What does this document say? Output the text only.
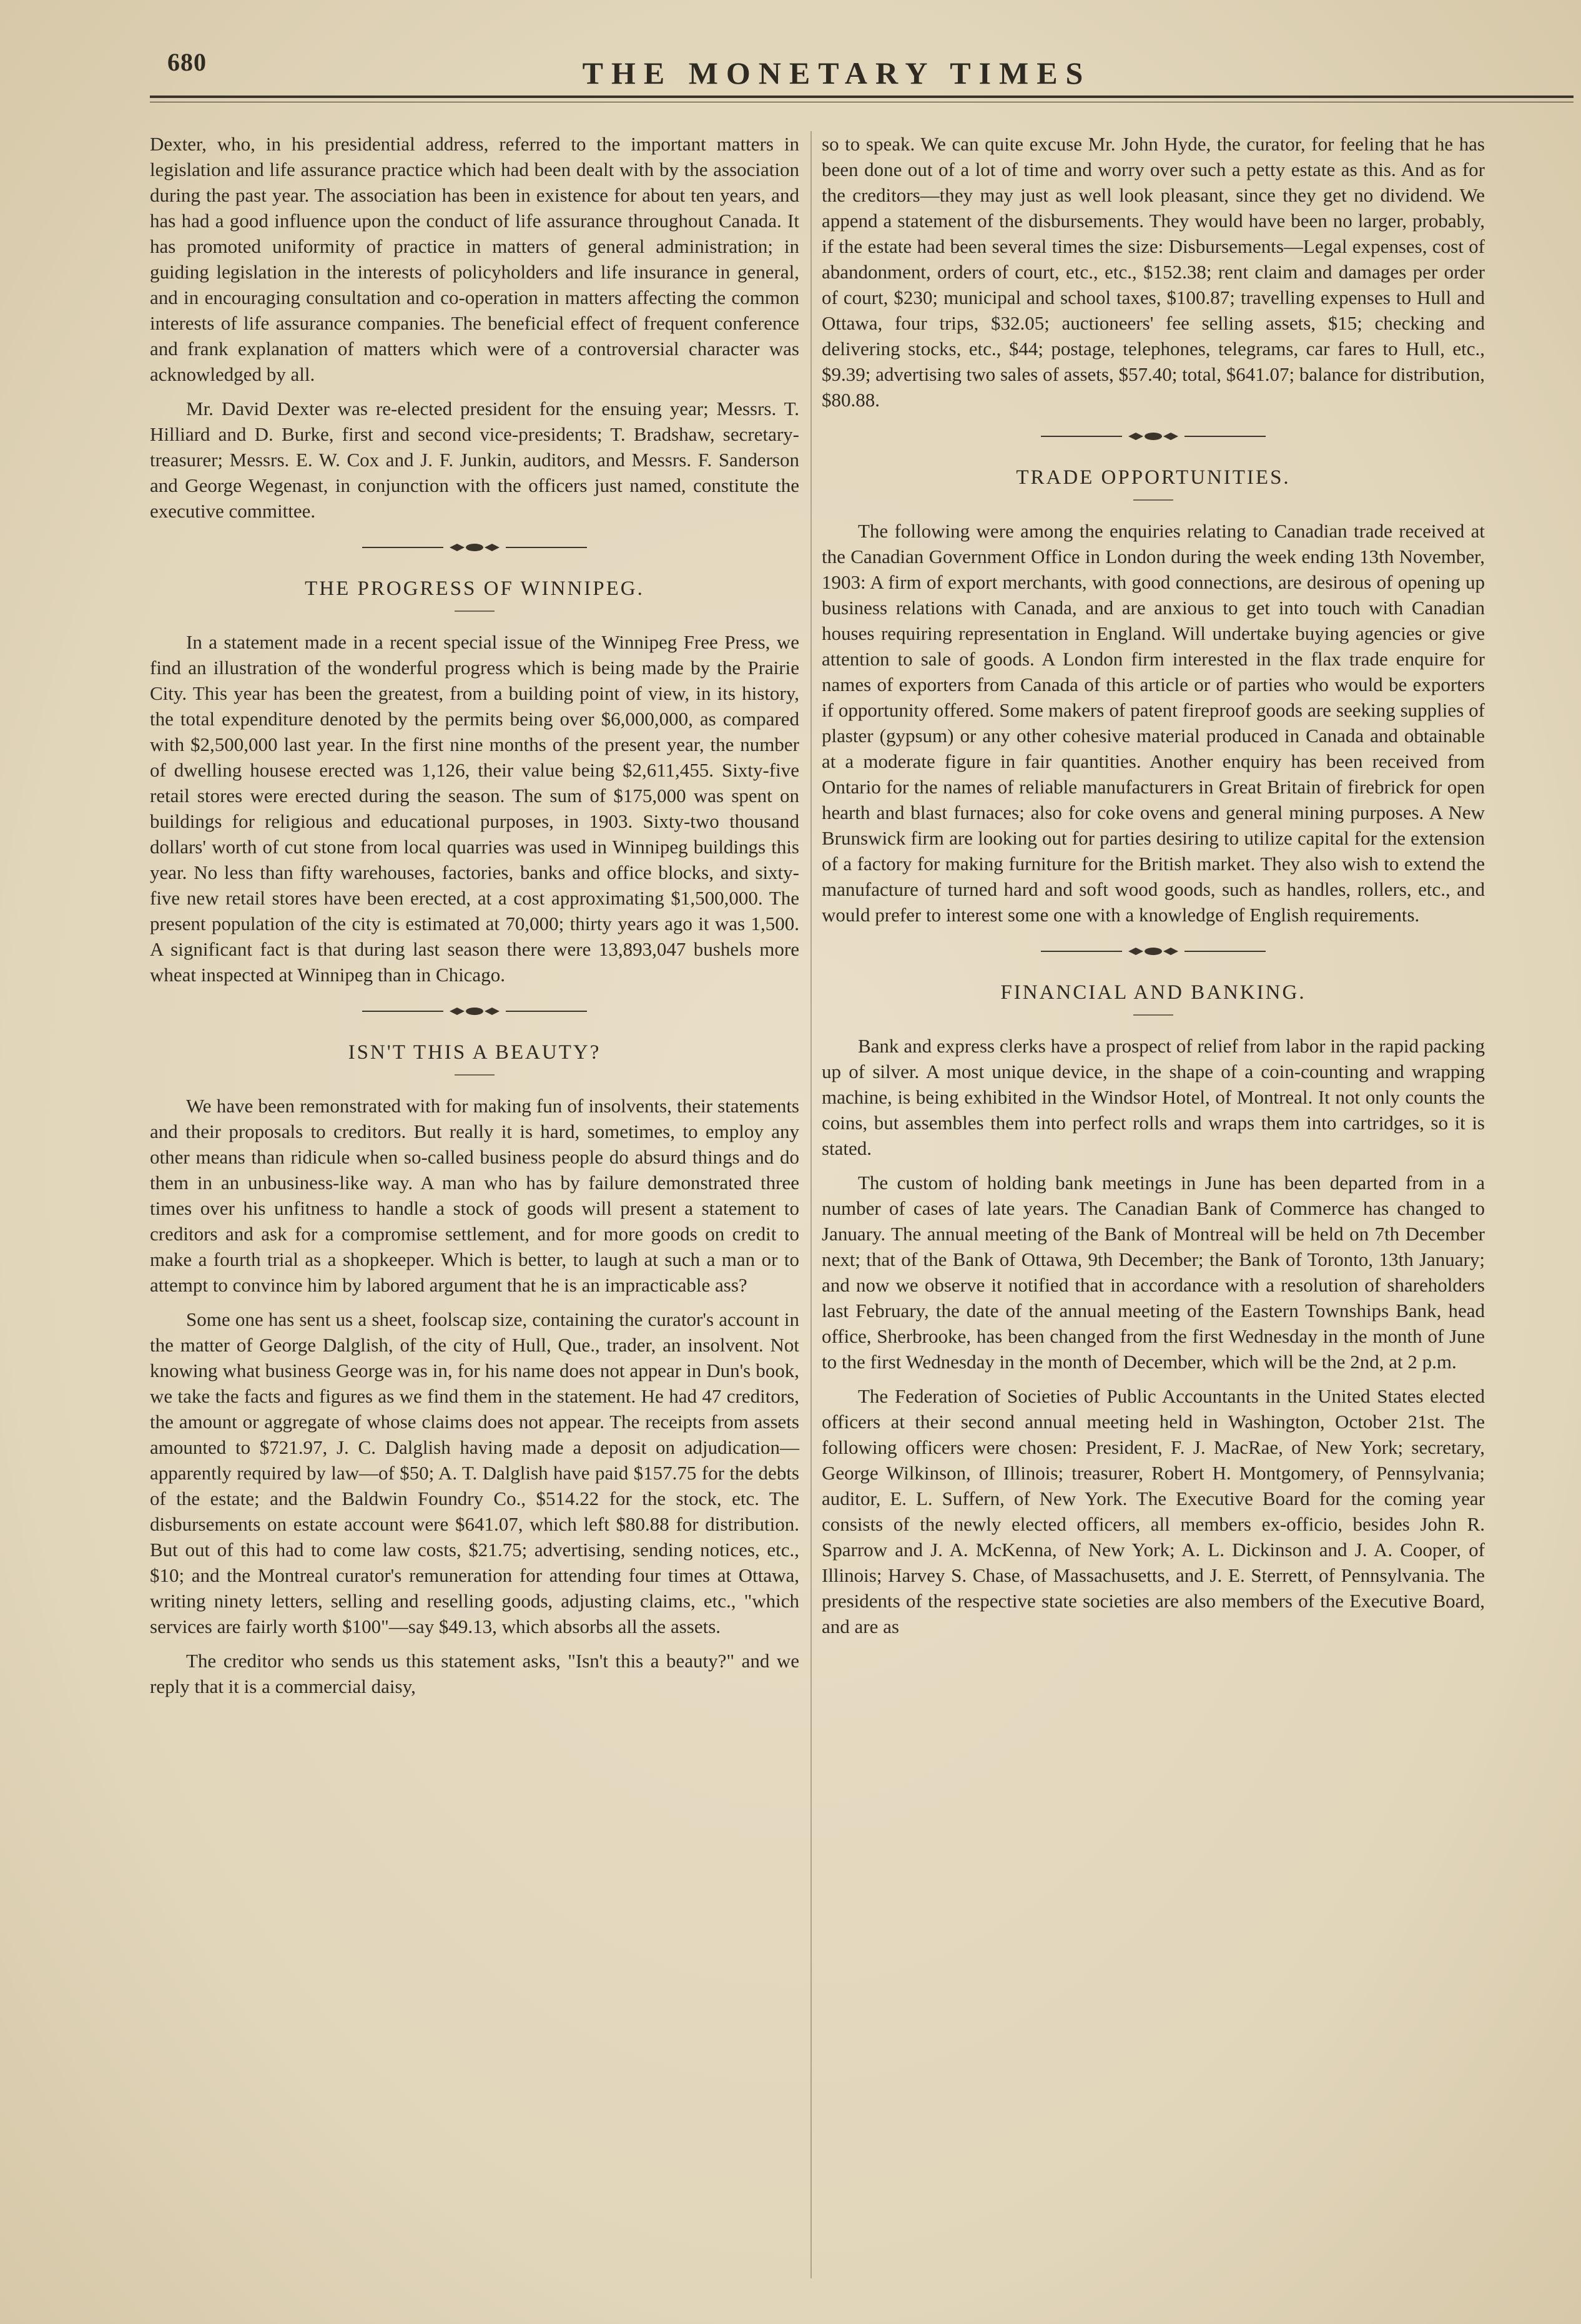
680	THE MONETARY TIMES

Dexter, who, in his presidential address, referred to the important matters in legislation and life assurance practice which had been dealt with by the association during the past year. The association has been in existence for about ten years, and has had a good influence upon the conduct of life assurance throughout Canada. It has promoted uniformity of practice in matters of general administration; in guiding legislation in the interests of policyholders and life insurance in general, and in encouraging consultation and co-operation in matters affecting the common interests of life assurance companies. The beneficial effect of frequent conference and frank explanation of matters which were of a controversial character was acknowledged by all.

Mr. David Dexter was re-elected president for the ensuing year; Messrs. T. Hilliard and D. Burke, first and second vice-presidents; T. Bradshaw, secretary-treasurer; Messrs. E. W. Cox and J. F. Junkin, auditors, and Messrs. F. Sanderson and George Wegenast, in conjunction with the officers just named, constitute the executive committee.

THE PROGRESS OF WINNIPEG.

In a statement made in a recent special issue of the Winnipeg Free Press, we find an illustration of the wonderful progress which is being made by the Prairie City. This year has been the greatest, from a building point of view, in its history, the total expenditure denoted by the permits being over $6,000,000, as compared with $2,500,000 last year. In the first nine months of the present year, the number of dwelling housese erected was 1,126, their value being $2,611,455. Sixty-five retail stores were erected during the season. The sum of $175,000 was spent on buildings for religious and educational purposes, in 1903. Sixty-two thousand dollars' worth of cut stone from local quarries was used in Winnipeg buildings this year. No less than fifty warehouses, factories, banks and office blocks, and sixty-five new retail stores have been erected, at a cost approximating $1,500,000. The present population of the city is estimated at 70,000; thirty years ago it was 1,500. A significant fact is that during last season there were 13,893,047 bushels more wheat inspected at Winnipeg than in Chicago.

ISN'T THIS A BEAUTY?

We have been remonstrated with for making fun of insolvents, their statements and their proposals to creditors. But really it is hard, sometimes, to employ any other means than ridicule when so-called business people do absurd things and do them in an unbusiness-like way. A man who has by failure demonstrated three times over his unfitness to handle a stock of goods will present a statement to creditors and ask for a compromise settlement, and for more goods on credit to make a fourth trial as a shopkeeper. Which is better, to laugh at such a man or to attempt to convince him by labored argument that he is an impracticable ass?

Some one has sent us a sheet, foolscap size, containing the curator's account in the matter of George Dalglish, of the city of Hull, Que., trader, an insolvent. Not knowing what business George was in, for his name does not appear in Dun's book, we take the facts and figures as we find them in the statement. He had 47 creditors, the amount or aggregate of whose claims does not appear. The receipts from assets amounted to $721.97, J. C. Dalglish having made a deposit on adjudication—apparently required by law—of $50; A. T. Dalglish have paid $157.75 for the debts of the estate; and the Baldwin Foundry Co., $514.22 for the stock, etc. The disbursements on estate account were $641.07, which left $80.88 for distribution. But out of this had to come law costs, $21.75; advertising, sending notices, etc., $10; and the Montreal curator's remuneration for attending four times at Ottawa, writing ninety letters, selling and reselling goods, adjusting claims, etc., "which services are fairly worth $100"—say $49.13, which absorbs all the assets.

The creditor who sends us this statement asks, "Isn't this a beauty?" and we reply that it is a commercial daisy,

so to speak. We can quite excuse Mr. John Hyde, the curator, for feeling that he has been done out of a lot of time and worry over such a petty estate as this. And as for the creditors—they may just as well look pleasant, since they get no dividend. We append a statement of the disbursements. They would have been no larger, probably, if the estate had been several times the size: Disbursements—Legal expenses, cost of abandonment, orders of court, etc., etc., $152.38; rent claim and damages per order of court, $230; municipal and school taxes, $100.87; travelling expenses to Hull and Ottawa, four trips, $32.05; auctioneers' fee selling assets, $15; checking and delivering stocks, etc., $44; postage, telephones, telegrams, car fares to Hull, etc., $9.39; advertising two sales of assets, $57.40; total, $641.07; balance for distribution, $80.88.

TRADE OPPORTUNITIES.

The following were among the enquiries relating to Canadian trade received at the Canadian Government Office in London during the week ending 13th November, 1903: A firm of export merchants, with good connections, are desirous of opening up business relations with Canada, and are anxious to get into touch with Canadian houses requiring representation in England. Will undertake buying agencies or give attention to sale of goods. A London firm interested in the flax trade enquire for names of exporters from Canada of this article or of parties who would be exporters if opportunity offered. Some makers of patent fireproof goods are seeking supplies of plaster (gypsum) or any other cohesive material produced in Canada and obtainable at a moderate figure in fair quantities. Another enquiry has been received from Ontario for the names of reliable manufacturers in Great Britain of firebrick for open hearth and blast furnaces; also for coke ovens and general mining purposes. A New Brunswick firm are looking out for parties desiring to utilize capital for the extension of a factory for making furniture for the British market. They also wish to extend the manufacture of turned hard and soft wood goods, such as handles, rollers, etc., and would prefer to interest some one with a knowledge of English requirements.

FINANCIAL AND BANKING.

Bank and express clerks have a prospect of relief from labor in the rapid packing up of silver. A most unique device, in the shape of a coin-counting and wrapping machine, is being exhibited in the Windsor Hotel, of Montreal. It not only counts the coins, but assembles them into perfect rolls and wraps them into cartridges, so it is stated.

The custom of holding bank meetings in June has been departed from in a number of cases of late years. The Canadian Bank of Commerce has changed to January. The annual meeting of the Bank of Montreal will be held on 7th December next; that of the Bank of Ottawa, 9th December; the Bank of Toronto, 13th January; and now we observe it notified that in accordance with a resolution of shareholders last February, the date of the annual meeting of the Eastern Townships Bank, head office, Sherbrooke, has been changed from the first Wednesday in the month of June to the first Wednesday in the month of December, which will be the 2nd, at 2 p.m.

The Federation of Societies of Public Accountants in the United States elected officers at their second annual meeting held in Washington, October 21st. The following officers were chosen: President, F. J. MacRae, of New York; secretary, George Wilkinson, of Illinois; treasurer, Robert H. Montgomery, of Pennsylvania; auditor, E. L. Suffern, of New York. The Executive Board for the coming year consists of the newly elected officers, all members ex-officio, besides John R. Sparrow and J. A. McKenna, of New York; A. L. Dickinson and J. A. Cooper, of Illinois; Harvey S. Chase, of Massachusetts, and J. E. Sterrett, of Pennsylvania. The presidents of the respective state societies are also members of the Executive Board, and are as
